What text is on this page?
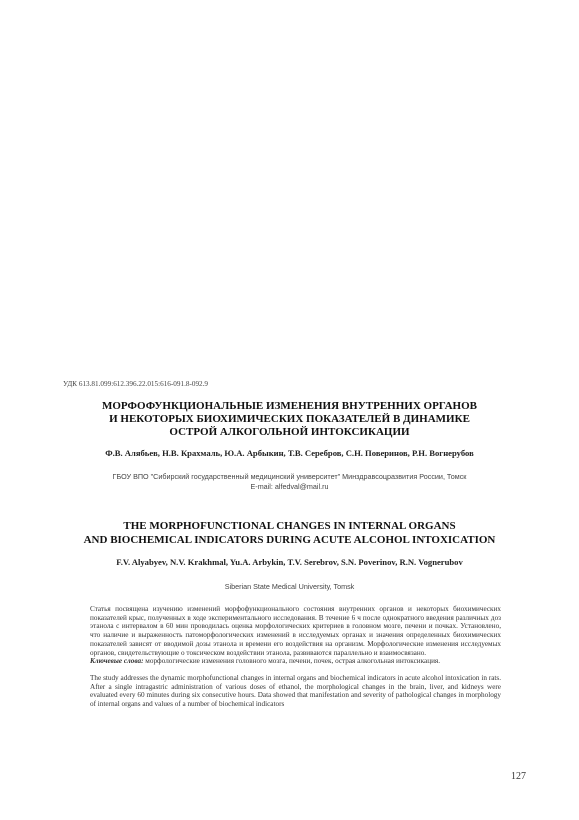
УДК 613.81.099:612.396.22.015:616-091.8-092.9
МОРФОФУНКЦИОНАЛЬНЫЕ ИЗМЕНЕНИЯ ВНУТРЕННИХ ОРГАНОВ
И НЕКОТОРЫХ БИОХИМИЧЕСКИХ ПОКАЗАТЕЛЕЙ В ДИНАМИКЕ
ОСТРОЙ АЛКОГОЛЬНОЙ ИНТОКСИКАЦИИ
Ф.В. Алябьев, Н.В. Крахмаль, Ю.А. Арбыкин, Т.В. Серебров, С.Н. Поверинов, Р.Н. Вогнерубов
ГБОУ ВПО "Сибирский государственный медицинский университет" Минздравсоцразвития России, Томск
E-mail: alfedval@mail.ru
THE MORPHOFUNCTIONAL CHANGES IN INTERNAL ORGANS
AND BIOCHEMICAL INDICATORS DURING ACUTE ALCOHOL INTOXICATION
F.V. Alyabyev, N.V. Krakhmal, Yu.A. Arbykin, T.V. Serebrov, S.N. Poverinov, R.N. Vognerubov
Siberian State Medical University, Tomsk
Статья посвящена изучению изменений морфофункционального состояния внутренних органов и некоторых биохимических показателей крыс, полученных в ходе экспериментального исследования. В течение 6 ч после однократного введения различных доз этанола с интервалом в 60 мин проводилась оценка морфологических критериев в головном мозге, печени и почках. Установлено, что наличие и выраженность патоморфологических изменений в исследуемых органах и значения определенных биохимических показателей зависят от вводимой дозы этанола и времени его воздействия на организм. Морфологические изменения исследуемых органов, свидетельствующие о токсическом воздействии этанола, развиваются параллельно и взаимосвязано.
Ключевые слова: морфологические изменения головного мозга, печени, почек, острая алкогольная интоксикация.
The study addresses the dynamic morphofunctional changes in internal organs and biochemical indicators in acute alcohol intoxication in rats. After a single intragastric administration of various doses of ethanol, the morphological changes in the brain, liver, and kidneys were evaluated every 60 minutes during six consecutive hours. Data showed that manifestation and severity of pathological changes in morphology of internal organs and values of a number of biochemical indicators
127
